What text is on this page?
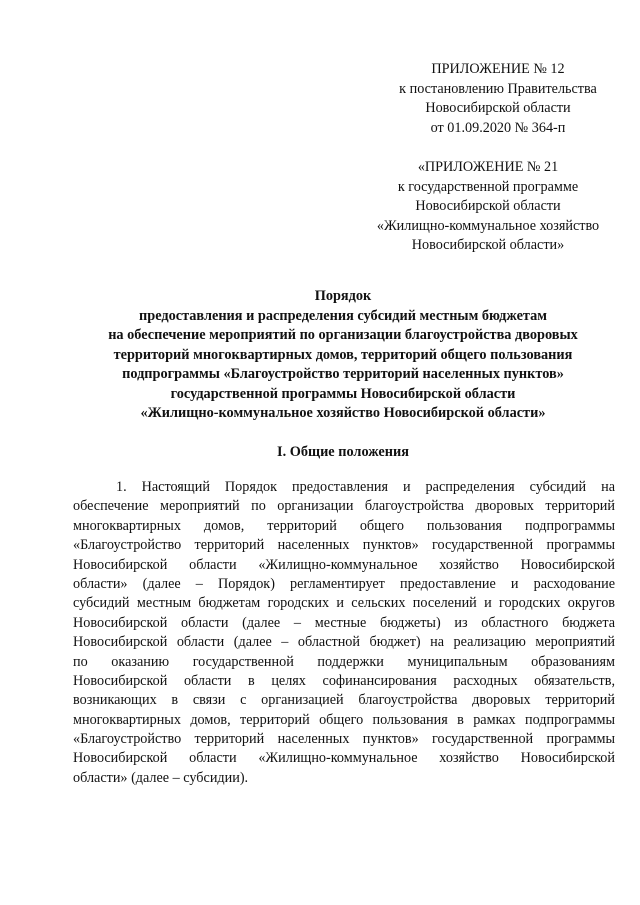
ПРИЛОЖЕНИЕ № 12
к постановлению Правительства
Новосибирской области
от 01.09.2020 № 364-п
«ПРИЛОЖЕНИЕ № 21
к государственной программе
Новосибирской области
«Жилищно-коммунальное хозяйство
Новосибирской области»
Порядок
предоставления и распределения субсидий местным бюджетам
на обеспечение мероприятий по организации благоустройства дворовых
территорий многоквартирных домов, территорий общего пользования
подпрограммы «Благоустройство территорий населенных пунктов»
государственной программы Новосибирской области
«Жилищно-коммунальное хозяйство Новосибирской области»
I. Общие положения
1. Настоящий Порядок предоставления и распределения субсидий на
обеспечение мероприятий по организации благоустройства дворовых территорий
многоквартирных домов, территорий общего пользования подпрограммы
«Благоустройство территорий населенных пунктов» государственной программы
Новосибирской области «Жилищно-коммунальное хозяйство Новосибирской
области» (далее – Порядок) регламентирует предоставление и расходование
субсидий местным бюджетам городских и сельских поселений и городских округов
Новосибирской области (далее – местные бюджеты) из областного бюджета
Новосибирской области (далее – областной бюджет) на реализацию мероприятий
по оказанию государственной поддержки муниципальным образованиям
Новосибирской области в целях софинансирования расходных обязательств,
возникающих в связи с организацией благоустройства дворовых территорий
многоквартирных домов, территорий общего пользования в рамках подпрограммы
«Благоустройство территорий населенных пунктов» государственной программы
Новосибирской области «Жилищно-коммунальное хозяйство Новосибирской
области» (далее – субсидии).
